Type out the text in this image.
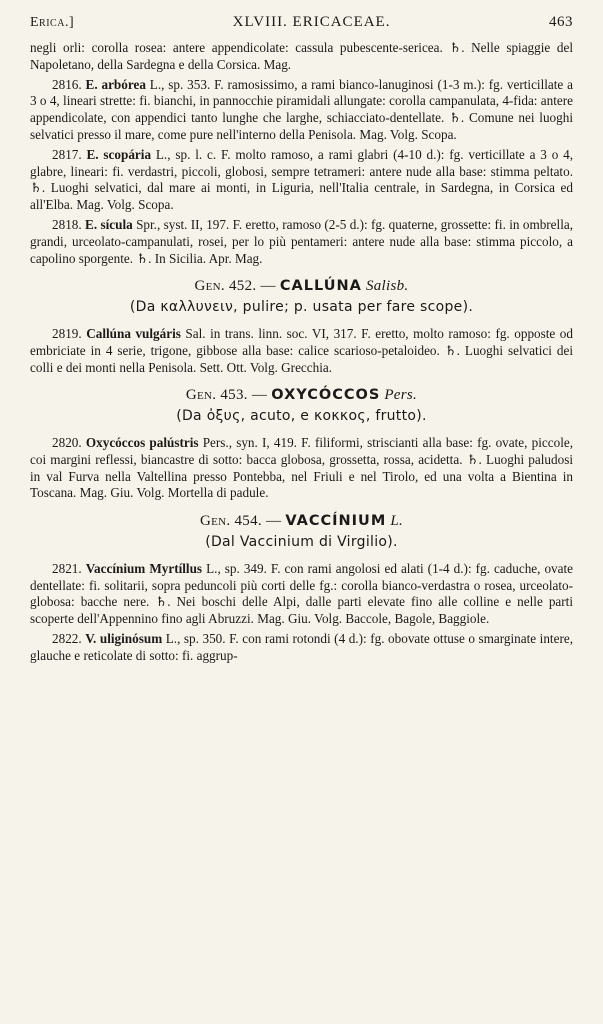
Erica.]	XLVIII. ERICACEAE.	463

negli orli: corolla rosea: antere appendicolate: cassula pubescente-sericea. ♄. Nelle spiaggie del Napoletano, della Sardegna e della Corsica. Mag.

2816. E. arbórea L., sp. 353. F. ramosissimo, a rami bianco-lanuginosi (1-3 m.): fg. verticillate a 3 o 4, lineari strette: fi. bianchi, in pannocchie piramidali allungate: corolla campanulata, 4-fida: antere appendicolate, con appendici tanto lunghe che larghe, schiacciato-dentellate. ♄. Comune nei luoghi selvatici presso il mare, come pure nell'interno della Penisola. Mag. Volg. Scopa.

2817. E. scopária L., sp. l. c. F. molto ramoso, a rami glabri (4-10 d.): fg. verticillate a 3 o 4, glabre, lineari: fi. verdastri, piccoli, globosi, sempre tetrameri: antere nude alla base: stimma peltato. ♄. Luoghi selvatici, dal mare ai monti, in Liguria, nell'Italia centrale, in Sardegna, in Corsica ed all'Elba. Mag. Volg. Scopa.

2818. E. sícula Spr., syst. II, 197. F. eretto, ramoso (2-5 d.): fg. quaterne, grossette: fi. in ombrella, grandi, urceolato-campanulati, rosei, per lo più pentameri: antere nude alla base: stimma piccolo, a capolino sporgente. ♄. In Sicilia. Apr. Mag.

Gen. 452. — CALLÚNA Salisb.
(Da καλλυνειν, pulire; p. usata per fare scope).

2819. Callúna vulgáris Sal. in trans. linn. soc. VI, 317. F. eretto, molto ramoso: fg. opposte od embriciate in 4 serie, trigone, gibbose alla base: calice scarioso-petaloideo. ♄. Luoghi selvatici dei colli e dei monti nella Penisola. Sett. Ott. Volg. Grecchia.

Gen. 453. — OXYCÓCCOS Pers.
(Da ὀξυς, acuto, e κοκκος, frutto).

2820. Oxycóccos palústris Pers., syn. I, 419. F. filiformi, striscianti alla base: fg. ovate, piccole, coi margini reflessi, biancastre di sotto: bacca globosa, grossetta, rossa, acidetta. ♄. Luoghi paludosi in val Furva nella Valtellina presso Pontebba, nel Friuli e nel Tirolo, ed una volta a Bientina in Toscana. Mag. Giu. Volg. Mortella di padule.

Gen. 454. — VACCÍNIUM L.
(Dal Vaccinium di Virgilio).

2821. Vaccínium Myrtíllus L., sp. 349. F. con rami angolosi ed alati (1-4 d.): fg. caduche, ovate dentellate: fi. solitarii, sopra peduncoli più corti delle fg.: corolla bianco-verdastra o rosea, urceolato-globosa: bacche nere. ♄. Nei boschi delle Alpi, dalle parti elevate fino alle colline e nelle parti scoperte dell'Appennino fino agli Abruzzi. Mag. Giu. Volg. Baccole, Bagole, Baggiole.

2822. V. uliginósum L., sp. 350. F. con rami rotondi (4 d.): fg. obovate ottuse o smarginate intere, glauche e reticolate di sotto: fi. aggrup-
